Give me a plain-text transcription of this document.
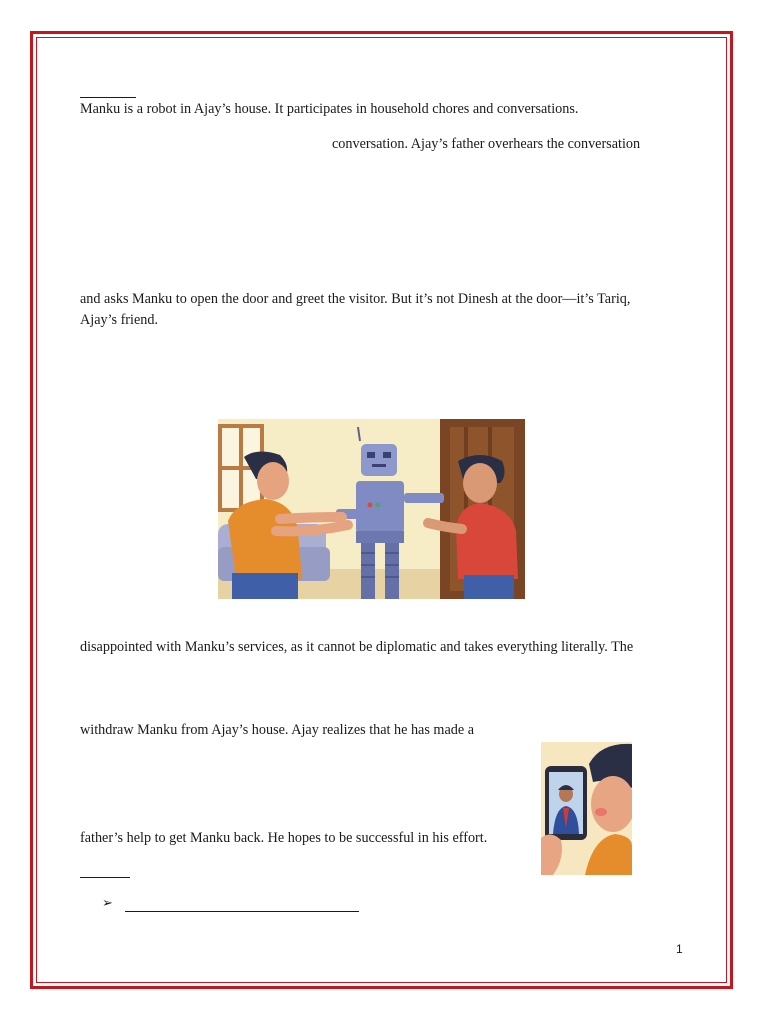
Manku is a robot in Ajay’s house. It participates in household chores and conversations.
conversation. Ajay’s father overhears the conversation
and asks Manku to open the door and greet the visitor. But it’s not Dinesh at the door—it’s Tariq,
Ajay’s friend.
disappointed with Manku’s services, as it cannot be diplomatic and takes everything literally. The
withdraw Manku from Ajay’s house. Ajay realizes that he has made a
father’s help to get Manku back. He hopes to be successful in his effort.
➢
1
